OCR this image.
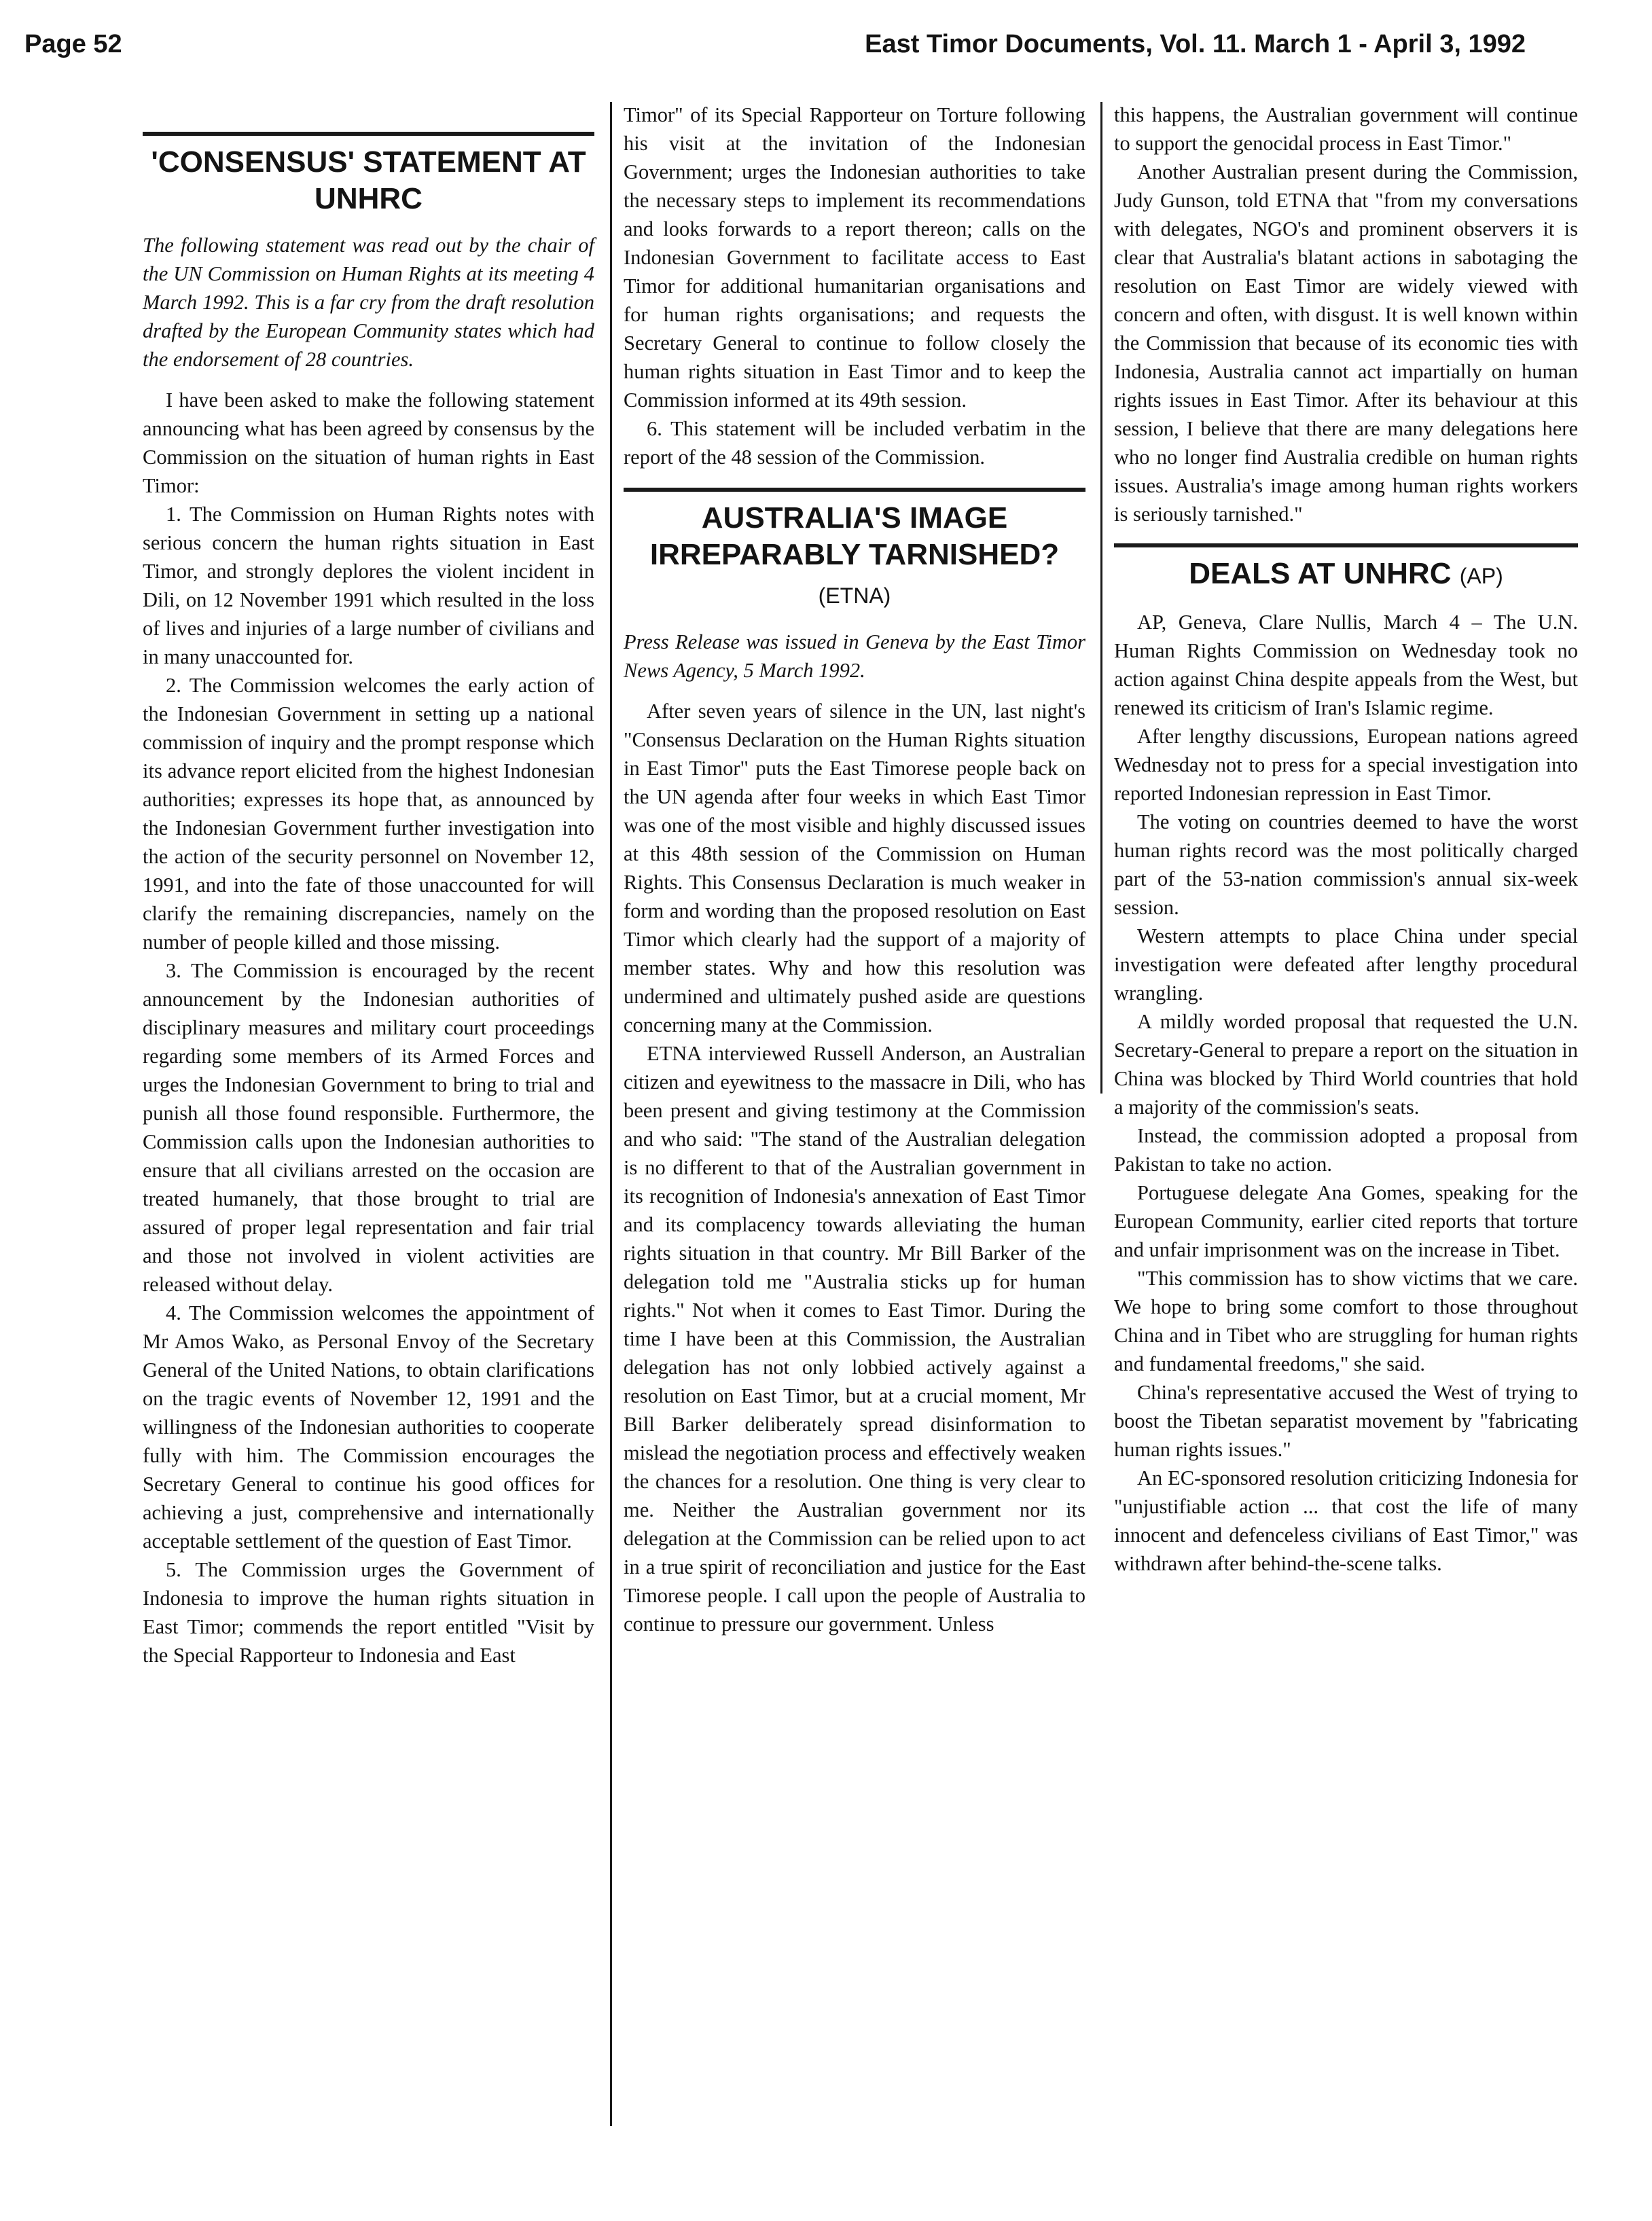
Page 52	East Timor Documents, Vol. 11. March 1 - April 3, 1992
'CONSENSUS' STATEMENT AT UNHRC
The following statement was read out by the chair of the UN Commission on Human Rights at its meeting 4 March 1992. This is a far cry from the draft resolution drafted by the European Community states which had the endorsement of 28 countries.

I have been asked to make the following statement announcing what has been agreed by consensus by the Commission on the situation of human rights in East Timor:

1. The Commission on Human Rights notes with serious concern the human rights situation in East Timor, and strongly deplores the violent incident in Dili, on 12 November 1991 which resulted in the loss of lives and injuries of a large number of civilians and in many unaccounted for.

2. The Commission welcomes the early action of the Indonesian Government in setting up a national commission of inquiry and the prompt response which its advance report elicited from the highest Indonesian authorities; expresses its hope that, as announced by the Indonesian Government further investigation into the action of the security personnel on November 12, 1991, and into the fate of those unaccounted for will clarify the remaining discrepancies, namely on the number of people killed and those missing.

3. The Commission is encouraged by the recent announcement by the Indonesian authorities of disciplinary measures and military court proceedings regarding some members of its Armed Forces and urges the Indonesian Government to bring to trial and punish all those found responsible. Furthermore, the Commission calls upon the Indonesian authorities to ensure that all civilians arrested on the occasion are treated humanely, that those brought to trial are assured of proper legal representation and fair trial and those not involved in violent activities are released without delay.

4. The Commission welcomes the appointment of Mr Amos Wako, as Personal Envoy of the Secretary General of the United Nations, to obtain clarifications on the tragic events of November 12, 1991 and the willingness of the Indonesian authorities to cooperate fully with him. The Commission encourages the Secretary General to continue his good offices for achieving a just, comprehensive and internationally acceptable settlement of the question of East Timor.

5. The Commission urges the Government of Indonesia to improve the human rights situation in East Timor; commends the report entitled "Visit by the Special Rapporteur to Indonesia and East

Timor" of its Special Rapporteur on Torture following his visit at the invitation of the Indonesian Government; urges the Indonesian authorities to take the necessary steps to implement its recommendations and looks forwards to a report thereon; calls on the Indonesian Government to facilitate access to East Timor for additional humanitarian organisations and for human rights organisations; and requests the Secretary General to continue to follow closely the human rights situation in East Timor and to keep the Commission informed at its 49th session.

6. This statement will be included verbatim in the report of the 48 session of the Commission.

AUSTRALIA'S IMAGE IRREPARABLY TARNISHED?
(ETNA)
Press Release was issued in Geneva by the East Timor News Agency, 5 March 1992.

After seven years of silence in the UN, last night's "Consensus Declaration on the Human Rights situation in East Timor" puts the East Timorese people back on the UN agenda after four weeks in which East Timor was one of the most visible and highly discussed issues at this 48th session of the Commission on Human Rights. This Consensus Declaration is much weaker in form and wording than the proposed resolution on East Timor which clearly had the support of a majority of member states. Why and how this resolution was undermined and ultimately pushed aside are questions concerning many at the Commission.

ETNA interviewed Russell Anderson, an Australian citizen and eyewitness to the massacre in Dili, who has been present and giving testimony at the Commission and who said: "The stand of the Australian delegation is no different to that of the Australian government in its recognition of Indonesia's annexation of East Timor and its complacency towards alleviating the human rights situation in that country. Mr Bill Barker of the delegation told me "Australia sticks up for human rights." Not when it comes to East Timor. During the time I have been at this Commission, the Australian delegation has not only lobbied actively against a resolution on East Timor, but at a crucial moment, Mr Bill Barker deliberately spread disinformation to mislead the negotiation process and effectively weaken the chances for a resolution. One thing is very clear to me. Neither the Australian government nor its delegation at the Commission can be relied upon to act in a true spirit of reconciliation and justice for the East Timorese people. I call upon the people of Australia to continue to pressure our government. Unless

this happens, the Australian government will continue to support the genocidal process in East Timor."

Another Australian present during the Commission, Judy Gunson, told ETNA that "from my conversations with delegates, NGO's and prominent observers it is clear that Australia's blatant actions in sabotaging the resolution on East Timor are widely viewed with concern and often, with disgust. It is well known within the Commission that because of its economic ties with Indonesia, Australia cannot act impartially on human rights issues in East Timor. After its behaviour at this session, I believe that there are many delegations here who no longer find Australia credible on human rights issues. Australia's image among human rights workers is seriously tarnished."

DEALS AT UNHRC (AP)

AP, Geneva, Clare Nullis, March 4 – The U.N. Human Rights Commission on Wednesday took no action against China despite appeals from the West, but renewed its criticism of Iran's Islamic regime.

After lengthy discussions, European nations agreed Wednesday not to press for a special investigation into reported Indonesian repression in East Timor.

The voting on countries deemed to have the worst human rights record was the most politically charged part of the 53-nation commission's annual six-week session.

Western attempts to place China under special investigation were defeated after lengthy procedural wrangling.

A mildly worded proposal that requested the U.N. Secretary-General to prepare a report on the situation in China was blocked by Third World countries that hold a majority of the commission's seats.

Instead, the commission adopted a proposal from Pakistan to take no action.

Portuguese delegate Ana Gomes, speaking for the European Community, earlier cited reports that torture and unfair imprisonment was on the increase in Tibet.

"This commission has to show victims that we care. We hope to bring some comfort to those throughout China and in Tibet who are struggling for human rights and fundamental freedoms," she said.

China's representative accused the West of trying to boost the Tibetan separatist movement by "fabricating human rights issues."

An EC-sponsored resolution criticizing Indonesia for "unjustifiable action ... that cost the life of many innocent and defenceless civilians of East Timor," was withdrawn after behind-the-scene talks.
